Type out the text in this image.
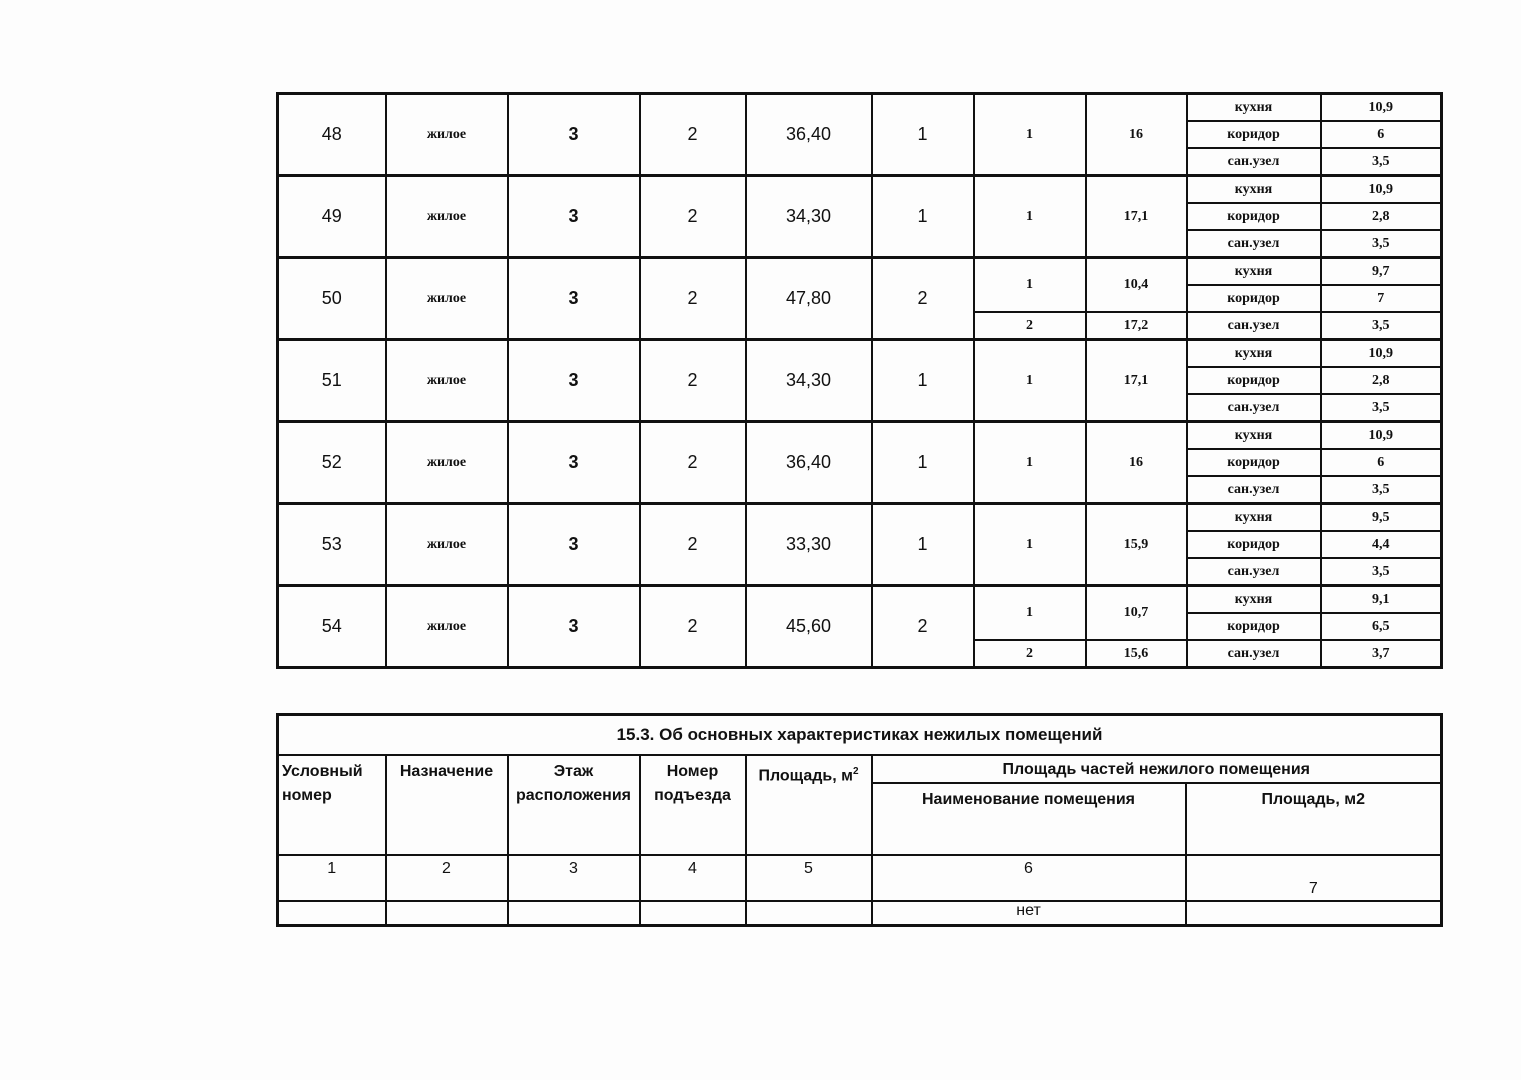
48	жилое	3	2	36,40	1	1	16	кухня	10,9
								коридор	6
								сан.узел	3,5
49	жилое	3	2	34,30	1	1	17,1	кухня	10,9
								коридор	2,8
								сан.узел	3,5
50	жилое	3	2	47,80	2	1	10,4	кухня	9,7
								коридор	7
						2	17,2	сан.узел	3,5
51	жилое	3	2	34,30	1	1	17,1	кухня	10,9
								коридор	2,8
								сан.узел	3,5
52	жилое	3	2	36,40	1	1	16	кухня	10,9
								коридор	6
								сан.узел	3,5
53	жилое	3	2	33,30	1	1	15,9	кухня	9,5
								коридор	4,4
								сан.узел	3,5
54	жилое	3	2	45,60	2	1	10,7	кухня	9,1
								коридор	6,5
						2	15,6	сан.узел	3,7
15.3. Об основных характеристиках нежилых помещений						
Условный номер	Назначение	Этаж расположения	Номер подъезда	Площадь, $м^2$	Площадь частей нежилого помещения	
					Наименование помещения	Площадь, м2
1	2	3	4	5	6	7
					нет	
